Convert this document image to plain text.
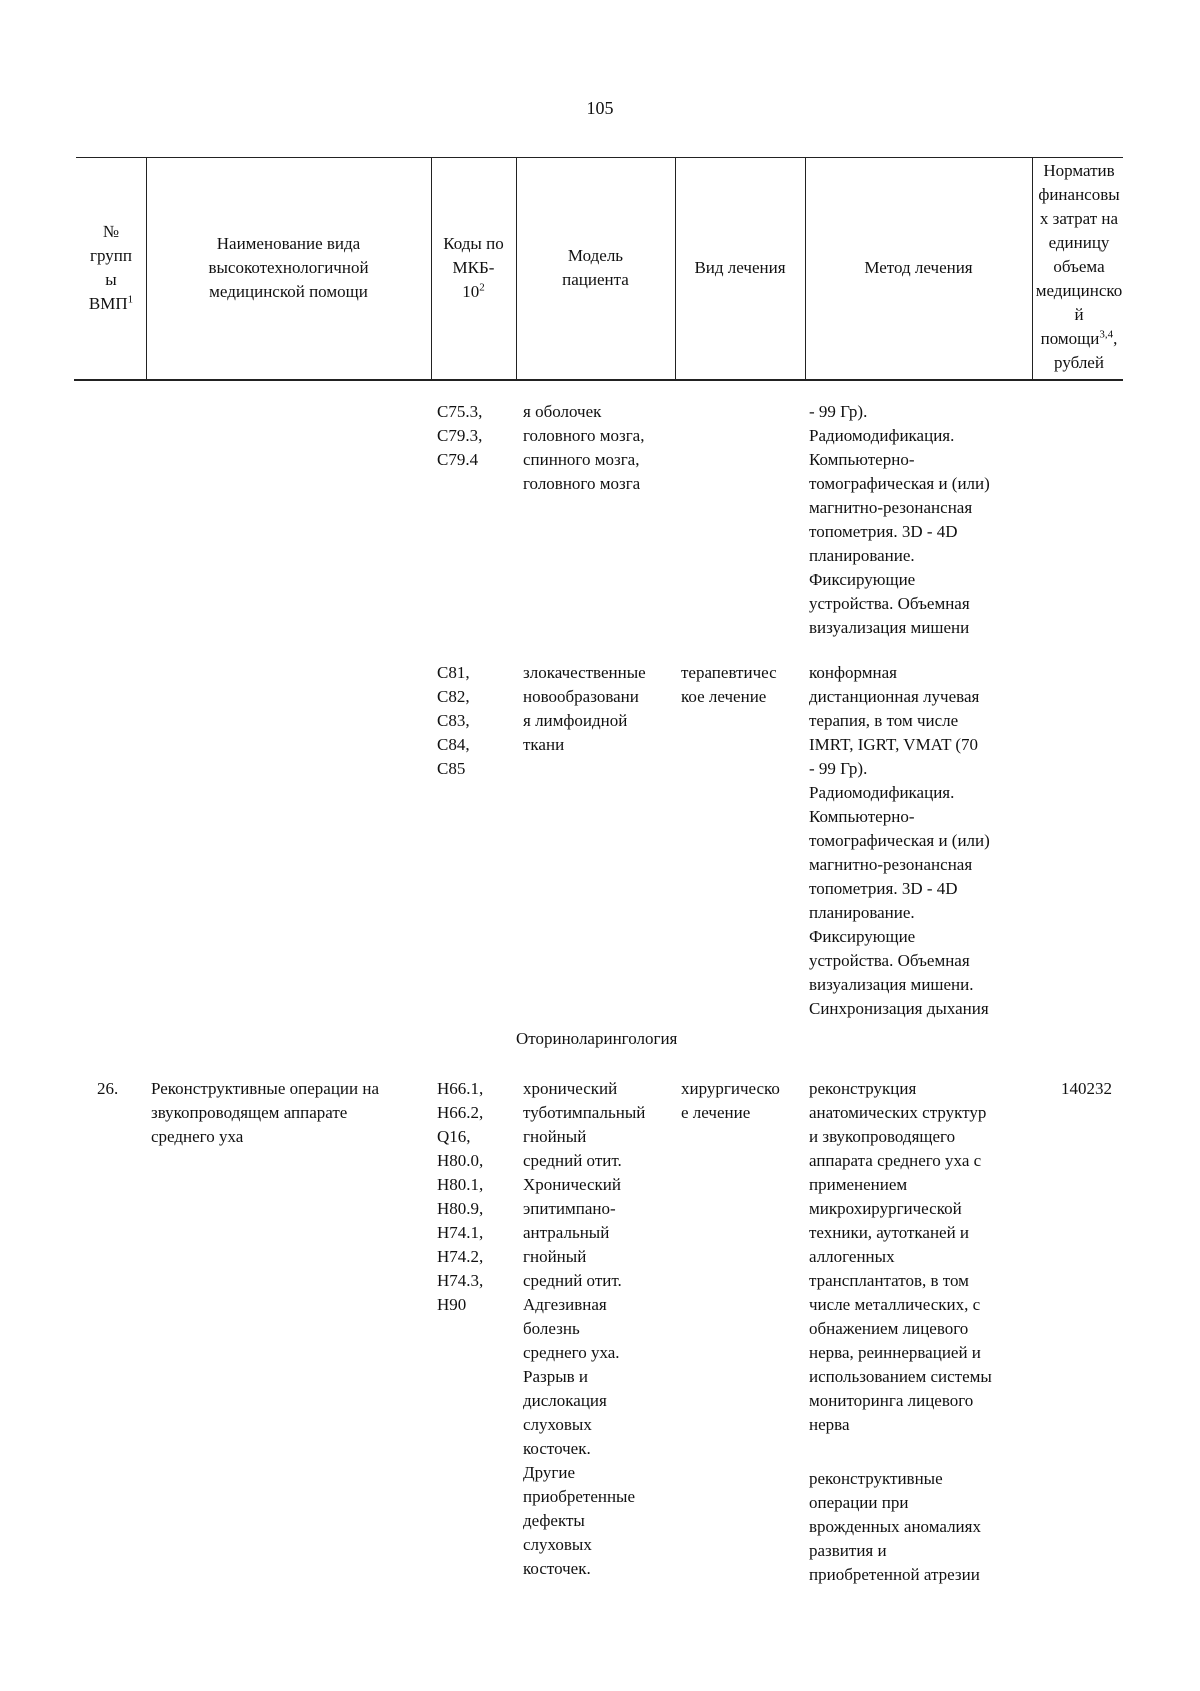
105
№
групп
ы
ВМП$^1$
Наименование вида
высокотехнологичной
медицинской помощи
Коды по
МКБ-
$10^2$
Модель
пациента
Вид лечения	Метод лечения
Норматив
финансовы
х затрат на
единицу
объема
медицинско
й
помощи$^{3,4}$,
рублей
C75.3,
C79.3,
C79.4
я оболочек
головного мозга,
спинного мозга,
головного мозга
- 99 Гр).
Радиомодификация.
Компьютерно-
томографическая и (или)
магнитно-резонансная
топометрия. 3D - 4D
планирование.
Фиксирующие
устройства. Объемная
визуализация мишени
C81,
C82,
C83,
C84,
C85
злокачественные
новообразовани
я лимфоидной
ткани
терапевтичес
кое лечение
конформная
дистанционная лучевая
терапия, в том числе
IMRT, IGRT, VMAT (70
- 99 Гр).
Радиомодификация.
Компьютерно-
томографическая и (или)
магнитно-резонансная
топометрия. 3D - 4D
планирование.
Фиксирующие
устройства. Объемная
визуализация мишени.
Синхронизация дыхания
Оториноларингология
26. Реконструктивные операции на
звукопроводящем аппарате
среднего уха
H66.1,
H66.2,
Q16,
H80.0,
H80.1,
H80.9,
H74.1,
H74.2,
H74.3,
H90
хронический
туботимпальный
гнойный
средний отит.
Хронический
эпитимпано-
антральный
гнойный
средний отит.
Адгезивная
болезнь
среднего уха.
Разрыв и
дислокация
слуховых
косточек.
Другие
приобретенные
дефекты
слуховых
косточек.
хирургическо
е лечение
реконструкция
анатомических структур
и звукопроводящего
аппарата среднего уха с
применением
микрохирургической
техники, аутотканей и
аллогенных
трансплантатов, в том
числе металлических, с
обнажением лицевого
нерва, реиннервацией и
использованием системы
мониторинга лицевого
нерва
реконструктивные
операции при
врожденных аномалиях
развития и
приобретенной атрезии
140232
